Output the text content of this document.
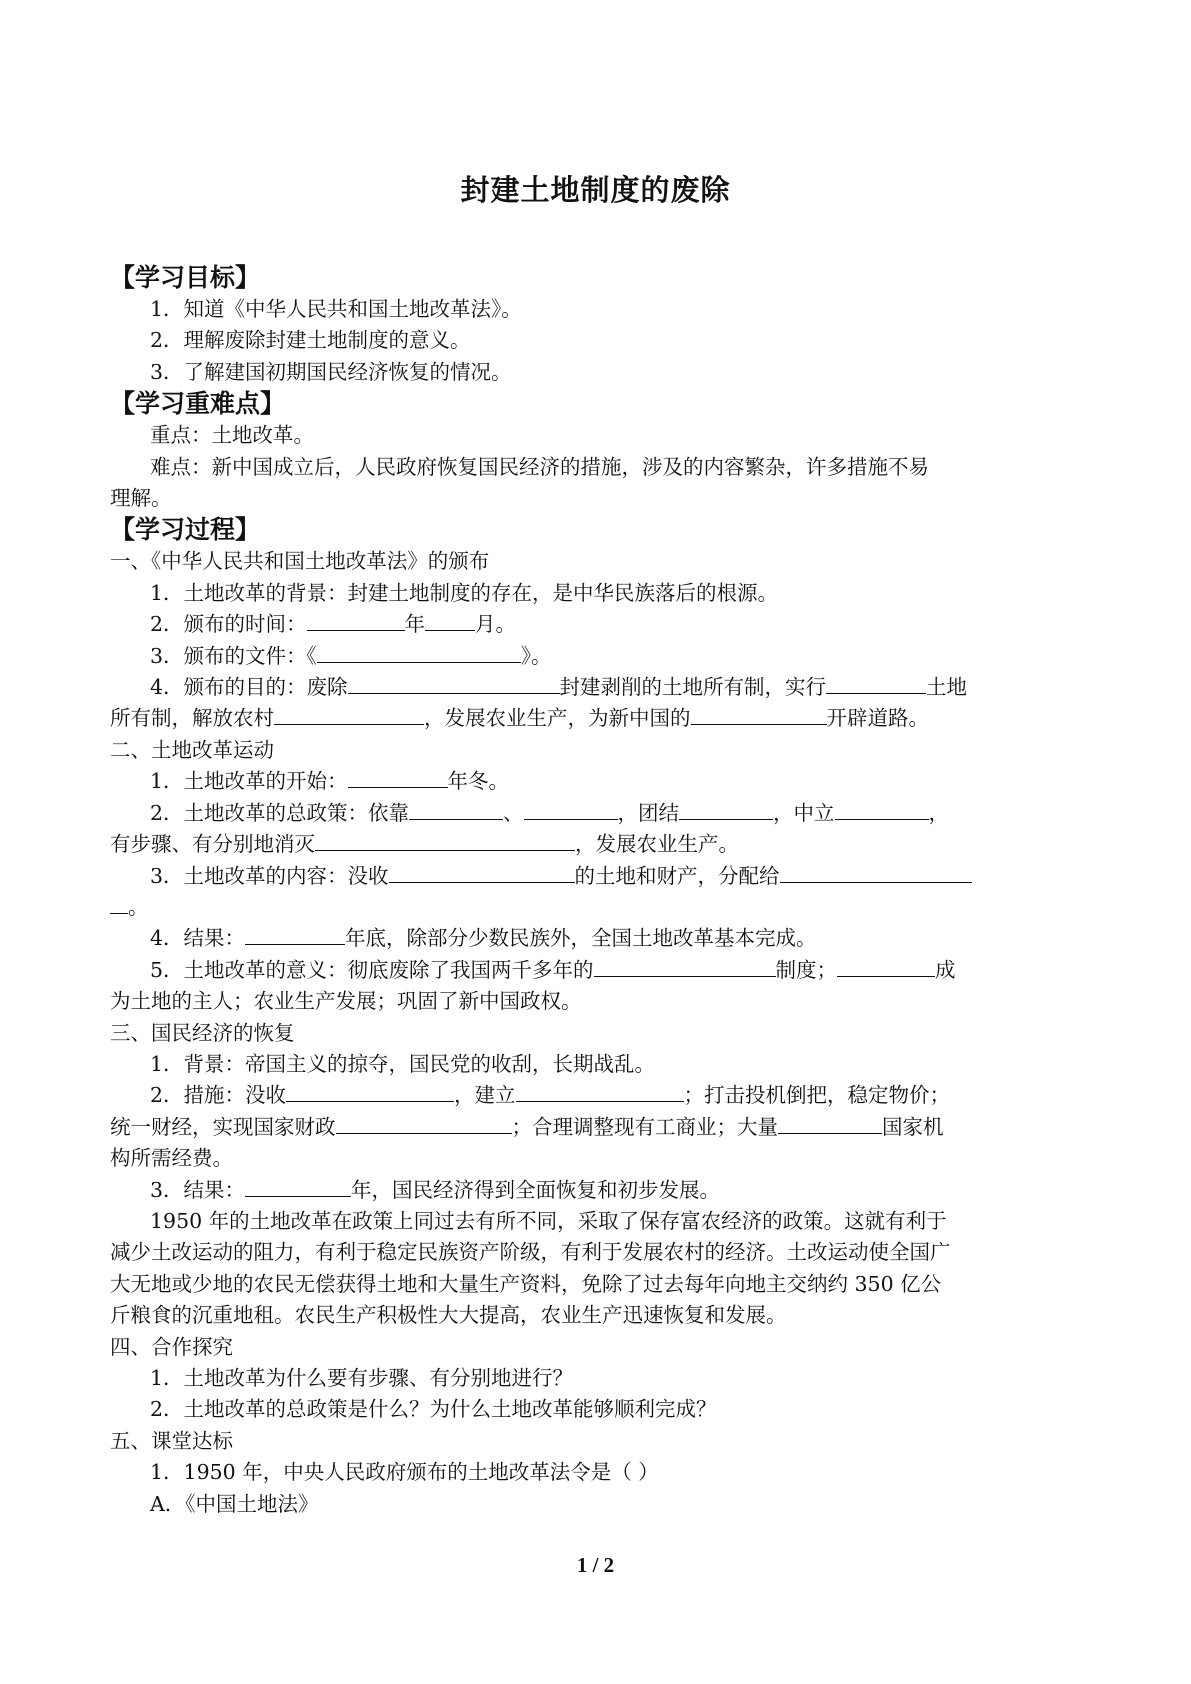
封建土地制度的废除
【学习目标】
1．知道《中华人民共和国土地改革法》。
2．理解废除封建土地制度的意义。
3．了解建国初期国民经济恢复的情况。
【学习重难点】
重点：土地改革。
难点：新中国成立后，人民政府恢复国民经济的措施，涉及的内容繁杂，许多措施不易
理解。
【学习过程】
一、《中华人民共和国土地改革法》的颁布
1．土地改革的背景：封建土地制度的存在，是中华民族落后的根源。
2．颁布的时间：	年 月。
3．颁布的文件：《	》。
4．颁布的目的：废除	封建剥削的土地所有制，实行	土地
所有制，解放农村	，发展农业生产，为新中国的	开辟道路。
二、土地改革运动
1．土地改革的开始：	年冬。
2．土地改革的总政策：依靠	、	，团结	，中立	，
有步骤、有分别地消灭	，发展农业生产。
3．土地改革的内容：没收	的土地和财产，分配给
。
4．结果：	年底，除部分少数民族外，全国土地改革基本完成。
5．土地改革的意义：彻底废除了我国两千多年的	制度；	成
为土地的主人；农业生产发展；巩固了新中国政权。
三、国民经济的恢复
1．背景：帝国主义的掠夺，国民党的收刮，长期战乱。
2．措施：没收	，建立	；打击投机倒把，稳定物价；
统一财经，实现国家财政	；合理调整现有工商业；大量	国家机
构所需经费。
3．结果：	年，国民经济得到全面恢复和初步发展。
1950 年的土地改革在政策上同过去有所不同，采取了保存富农经济的政策。这就有利于
减少土改运动的阻力，有利于稳定民族资产阶级，有利于发展农村的经济。土改运动使全国广
大无地或少地的农民无偿获得土地和大量生产资料，免除了过去每年向地主交纳约 350 亿公
斤粮食的沉重地租。农民生产积极性大大提高，农业生产迅速恢复和发展。
四、合作探究
1．土地改革为什么要有步骤、有分别地进行？
2．土地改革的总政策是什么？为什么土地改革能够顺利完成？
五、课堂达标
1．1950 年，中央人民政府颁布的土地改革法令是（ ）
A．《中国土地法》
1 / 2
